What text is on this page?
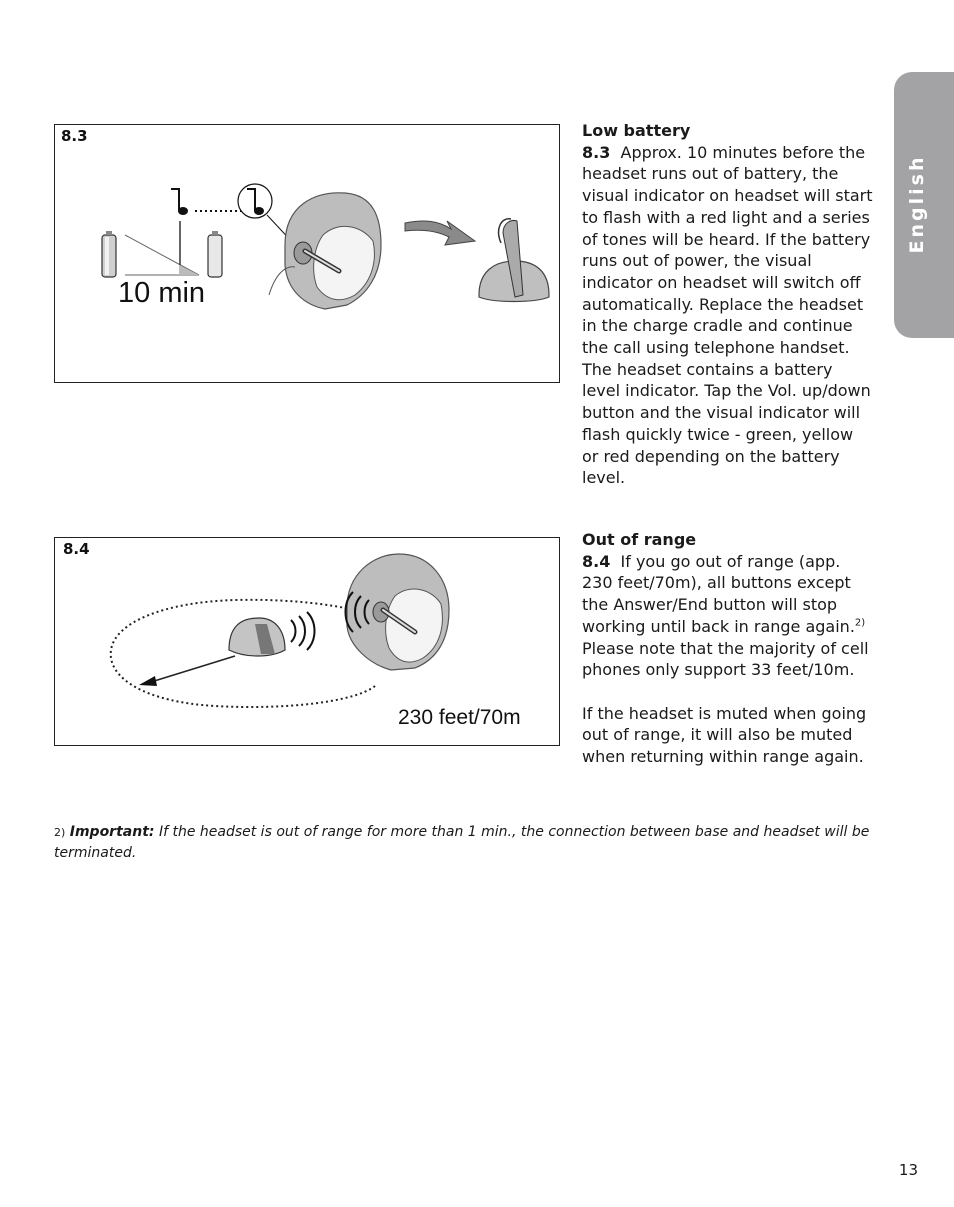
8.3
10 min
8.4
230 feet/70m
Low battery

8.3 Approx. 10 minutes before the headset runs out of battery, the visual indicator on headset will start to flash with a red light and a series of tones will be heard. If the battery runs out of power, the visual indicator on headset will switch off automatically. Replace the headset in the charge cradle and continue the call using telephone handset. The headset contains a battery level indicator. Tap the Vol. up/down button and the visual indicator will flash quickly twice - green, yellow or red depending on the battery level.

Out of range

8.4 If you go out of range (app. 230 feet/70m), all buttons except the Answer/End button will stop working until back in range again.$^{2)}$ Please note that the majority of cell phones only support 33 feet/10m.

If the headset is muted when going out of range, it will also be muted when returning within range again.

2) Important: If the headset is out of range for more than 1 min., the connection between base and headset will be terminated.
13
